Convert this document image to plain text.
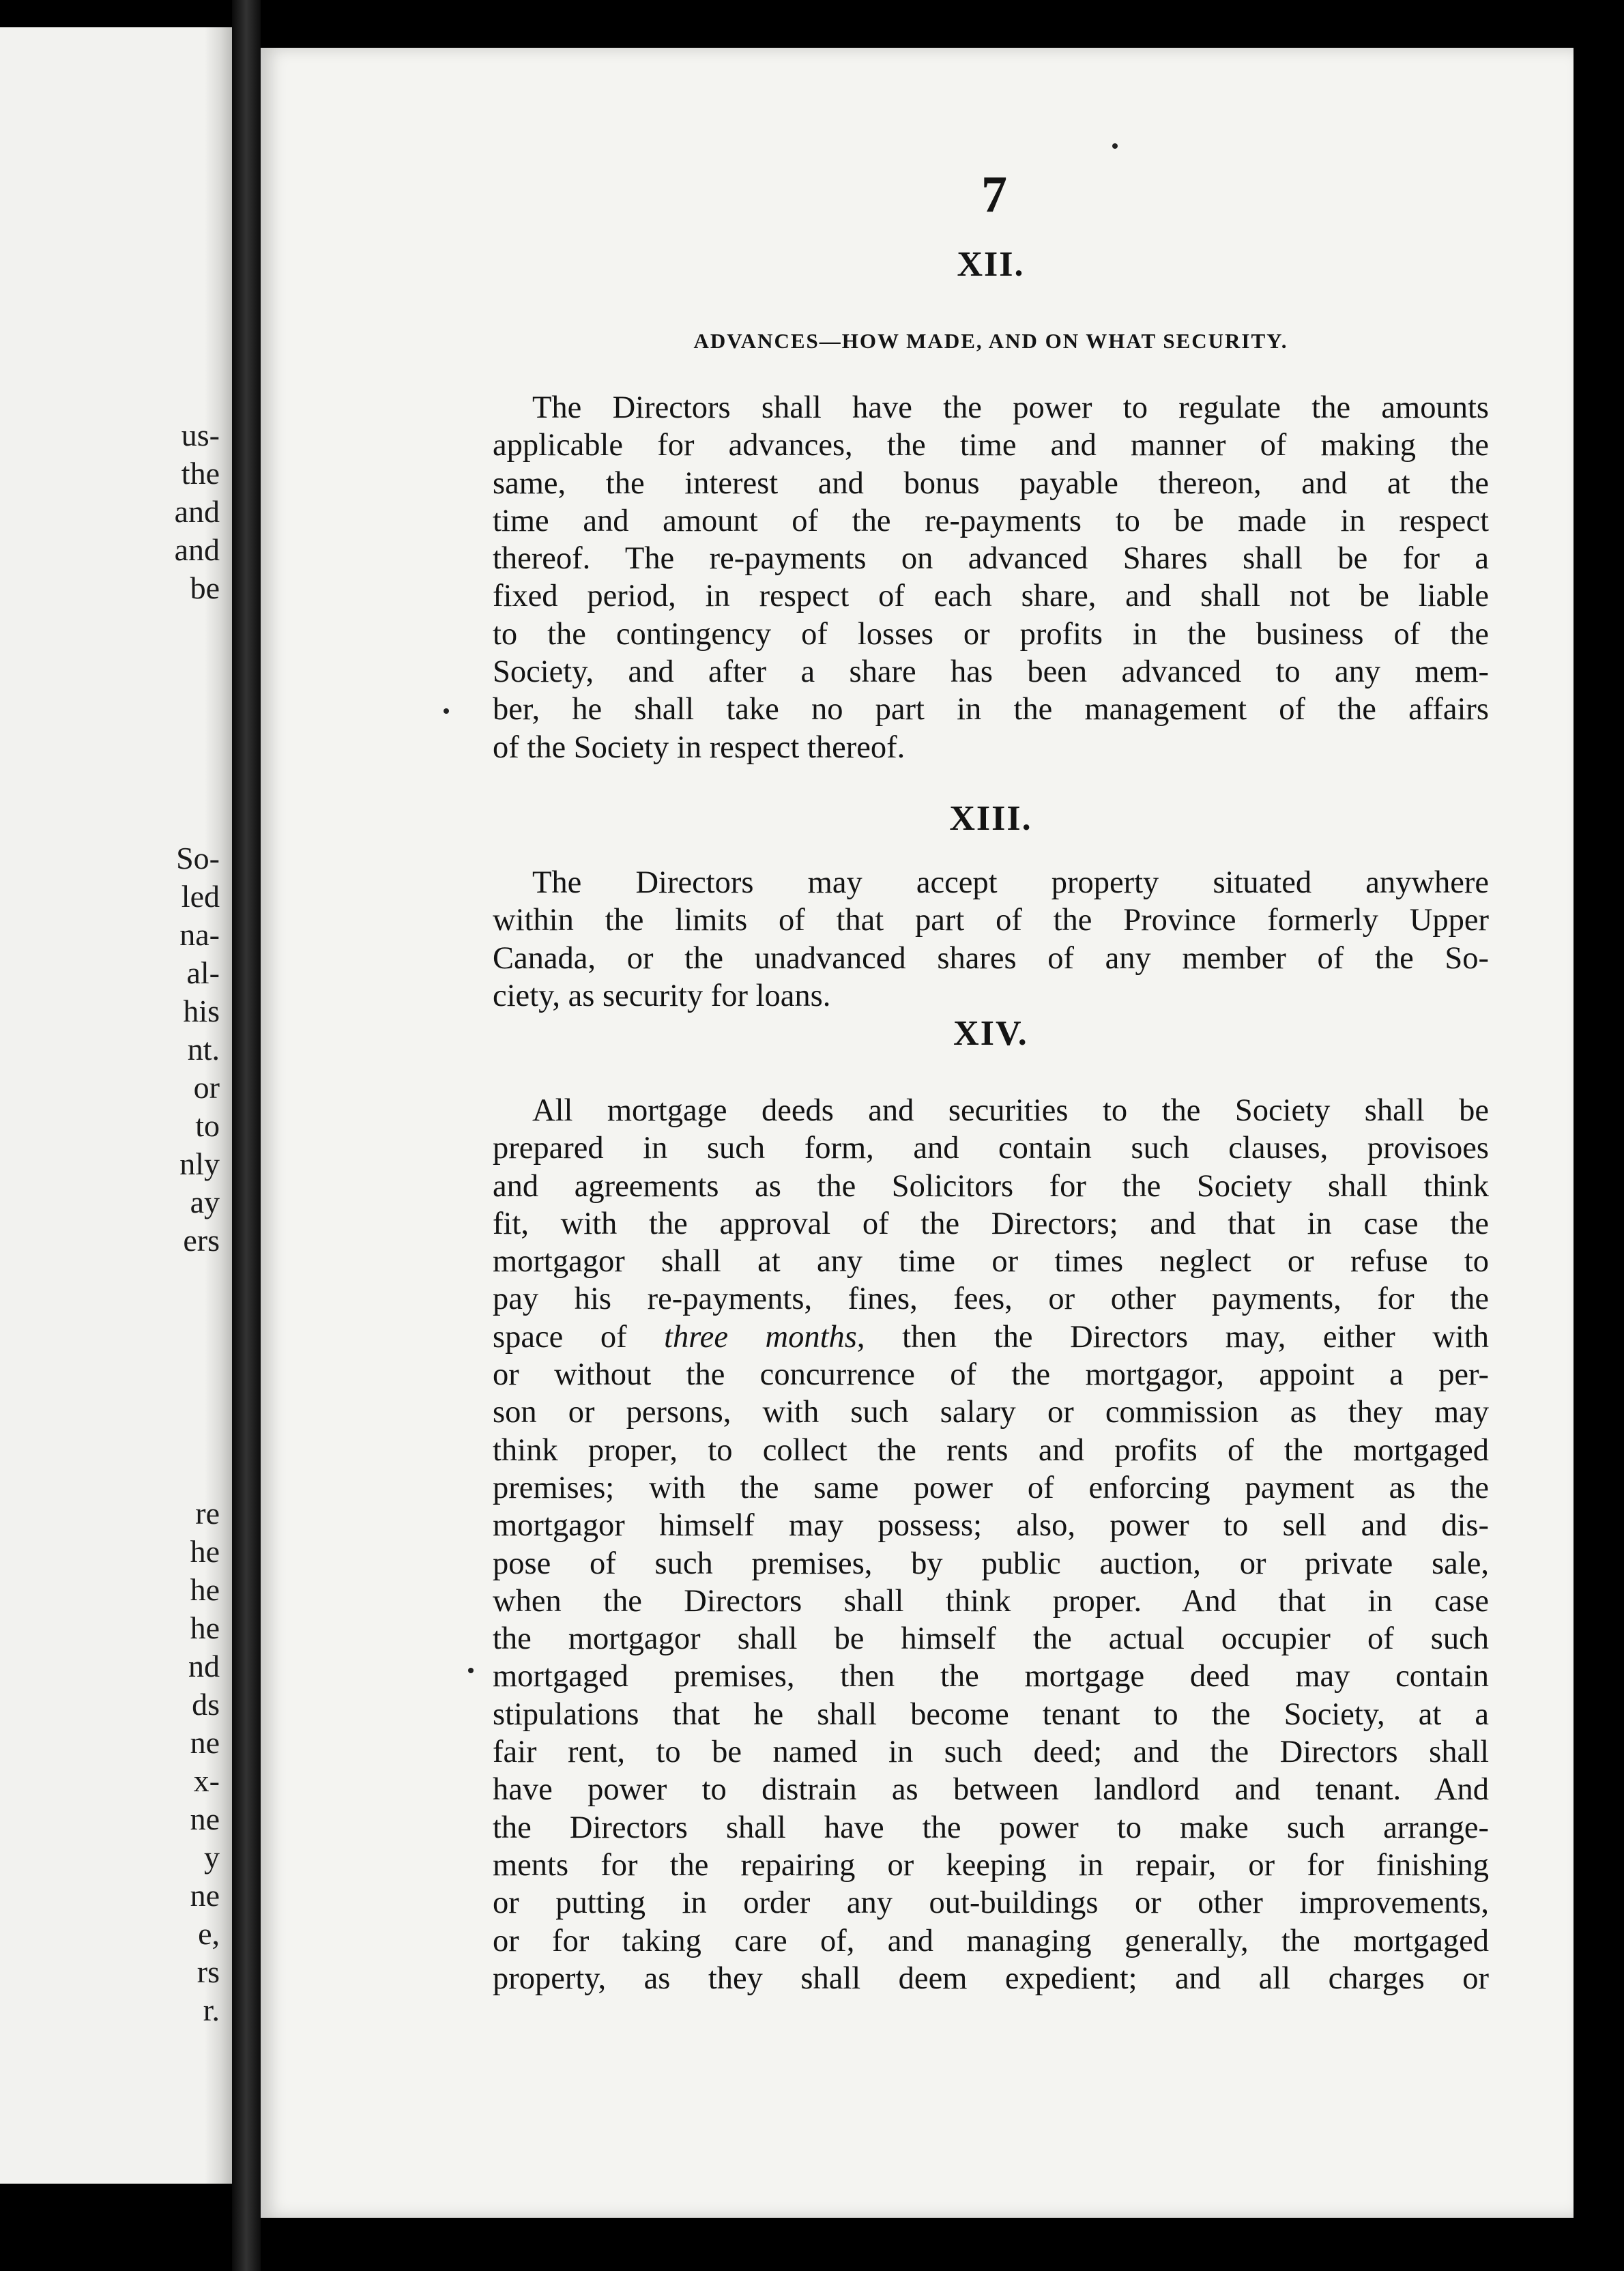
us-
the
and
and
be
So-
led
na-
al-
his
nt.
or
to
nly
ay
ers
re
he
he
he
nd
ds
ne
x-
ne
y
ne
e,
rs
r.
7
XII.
ADVANCES—HOW MADE, AND ON WHAT SECURITY.

The Directors shall have the power to regulate the amounts
applicable for advances, the time and manner of making the
same, the interest and bonus payable thereon, and at the
time and amount of the re-payments to be made in respect
thereof. The re-payments on advanced Shares shall be for a
fixed period, in respect of each share, and shall not be liable
to the contingency of losses or profits in the business of the
Society, and after a share has been advanced to any mem-
ber, he shall take no part in the management of the affairs
of the Society in respect thereof.

XIII.

The Directors may accept property situated anywhere
within the limits of that part of the Province formerly Upper
Canada, or the unadvanced shares of any member of the So-
ciety, as security for loans.

XIV.

All mortgage deeds and securities to the Society shall be
prepared in such form, and contain such clauses, provisoes
and agreements as the Solicitors for the Society shall think
fit, with the approval of the Directors; and that in case the
mortgagor shall at any time or times neglect or refuse to
pay his re-payments, fines, fees, or other payments, for the
space of three months, then the Directors may, either with
or without the concurrence of the mortgagor, appoint a per-
son or persons, with such salary or commission as they may
think proper, to collect the rents and profits of the mortgaged
premises; with the same power of enforcing payment as the
mortgagor himself may possess; also, power to sell and dis-
pose of such premises, by public auction, or private sale,
when the Directors shall think proper. And that in case
the mortgagor shall be himself the actual occupier of such
mortgaged premises, then the mortgage deed may contain
stipulations that he shall become tenant to the Society, at a
fair rent, to be named in such deed; and the Directors shall
have power to distrain as between landlord and tenant. And
the Directors shall have the power to make such arrange-
ments for the repairing or keeping in repair, or for finishing
or putting in order any out-buildings or other improvements,
or for taking care of, and managing generally, the mortgaged
property, as they shall deem expedient; and all charges or
